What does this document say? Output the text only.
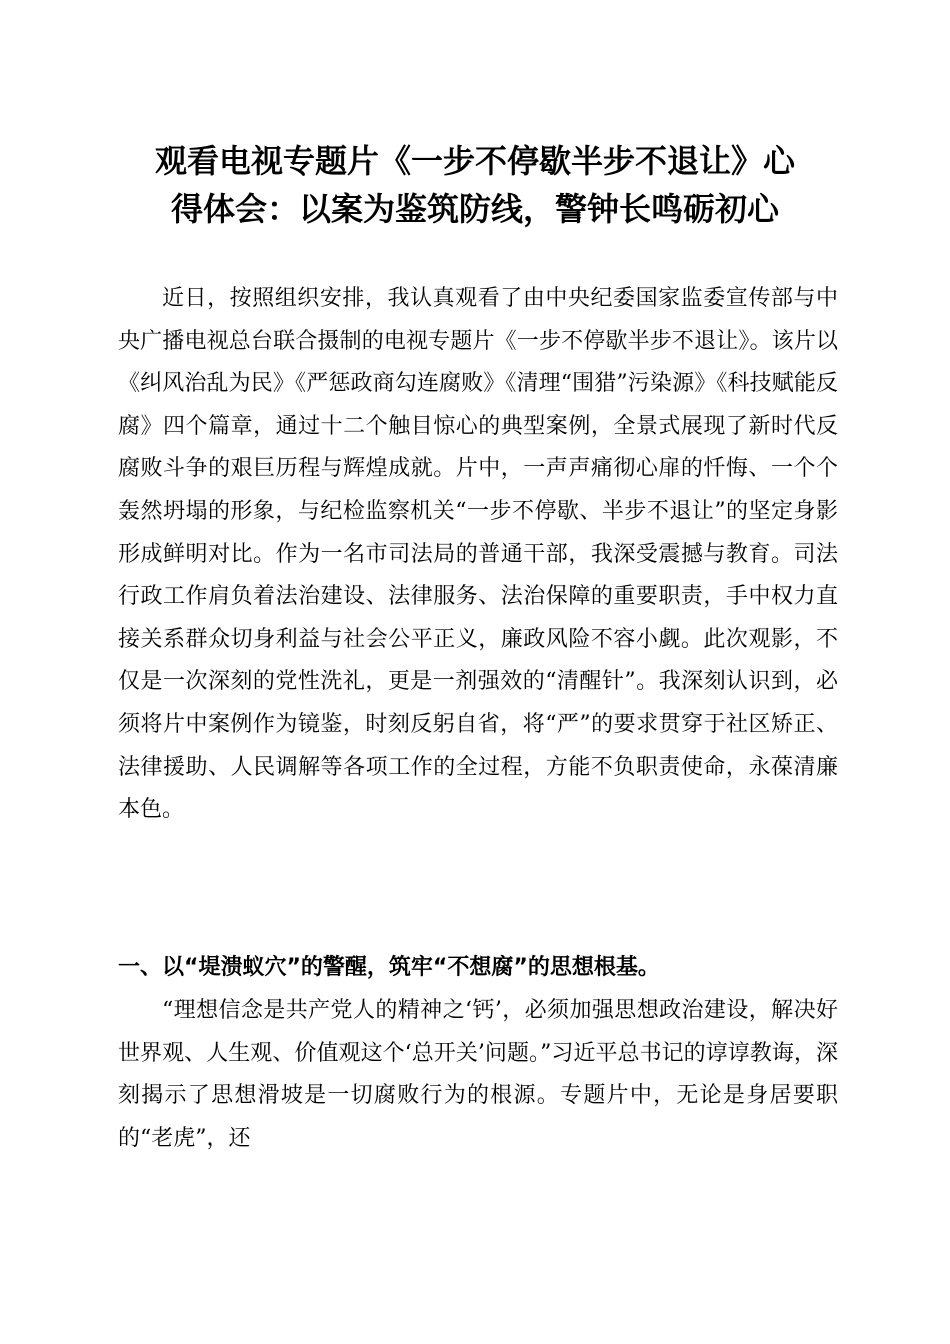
观看电视专题片《一步不停歇半步不退让》心
得体会：以案为鉴筑防线，警钟长鸣砺初心

近日，按照组织安排，我认真观看了由中央纪委国家监委宣传部与中央广播电视总台联合摄制的电视专题片《一步不停歇半步不退让》。该片以《纠风治乱为民》《严惩政商勾连腐败》《清理“围猎”污染源》《科技赋能反腐》四个篇章，通过十二个触目惊心的典型案例，全景式展现了新时代反腐败斗争的艰巨历程与辉煌成就。片中，一声声痛彻心扉的忏悔、一个个轰然坍塌的形象，与纪检监察机关“一步不停歇、半步不退让”的坚定身影形成鲜明对比。作为一名市司法局的普通干部，我深受震撼与教育。司法行政工作肩负着法治建设、法律服务、法治保障的重要职责，手中权力直接关系群众切身利益与社会公平正义，廉政风险不容小觑。此次观影，不仅是一次深刻的党性洗礼，更是一剂强效的“清醒针”。我深刻认识到，必须将片中案例作为镜鉴，时刻反躬自省，将“严”的要求贯穿于社区矫正、法律援助、人民调解等各项工作的全过程，方能不负职责使命，永葆清廉本色。

一、以“堤溃蚁穴”的警醒，筑牢“不想腐”的思想根基。

“理想信念是共产党人的精神之‘钙’，必须加强思想政治建设，解决好世界观、人生观、价值观这个‘总开关’问题。”习近平总书记的谆谆教诲，深刻揭示了思想滑坡是一切腐败行为的根源。专题片中，无论是身居要职的“老虎”，还
